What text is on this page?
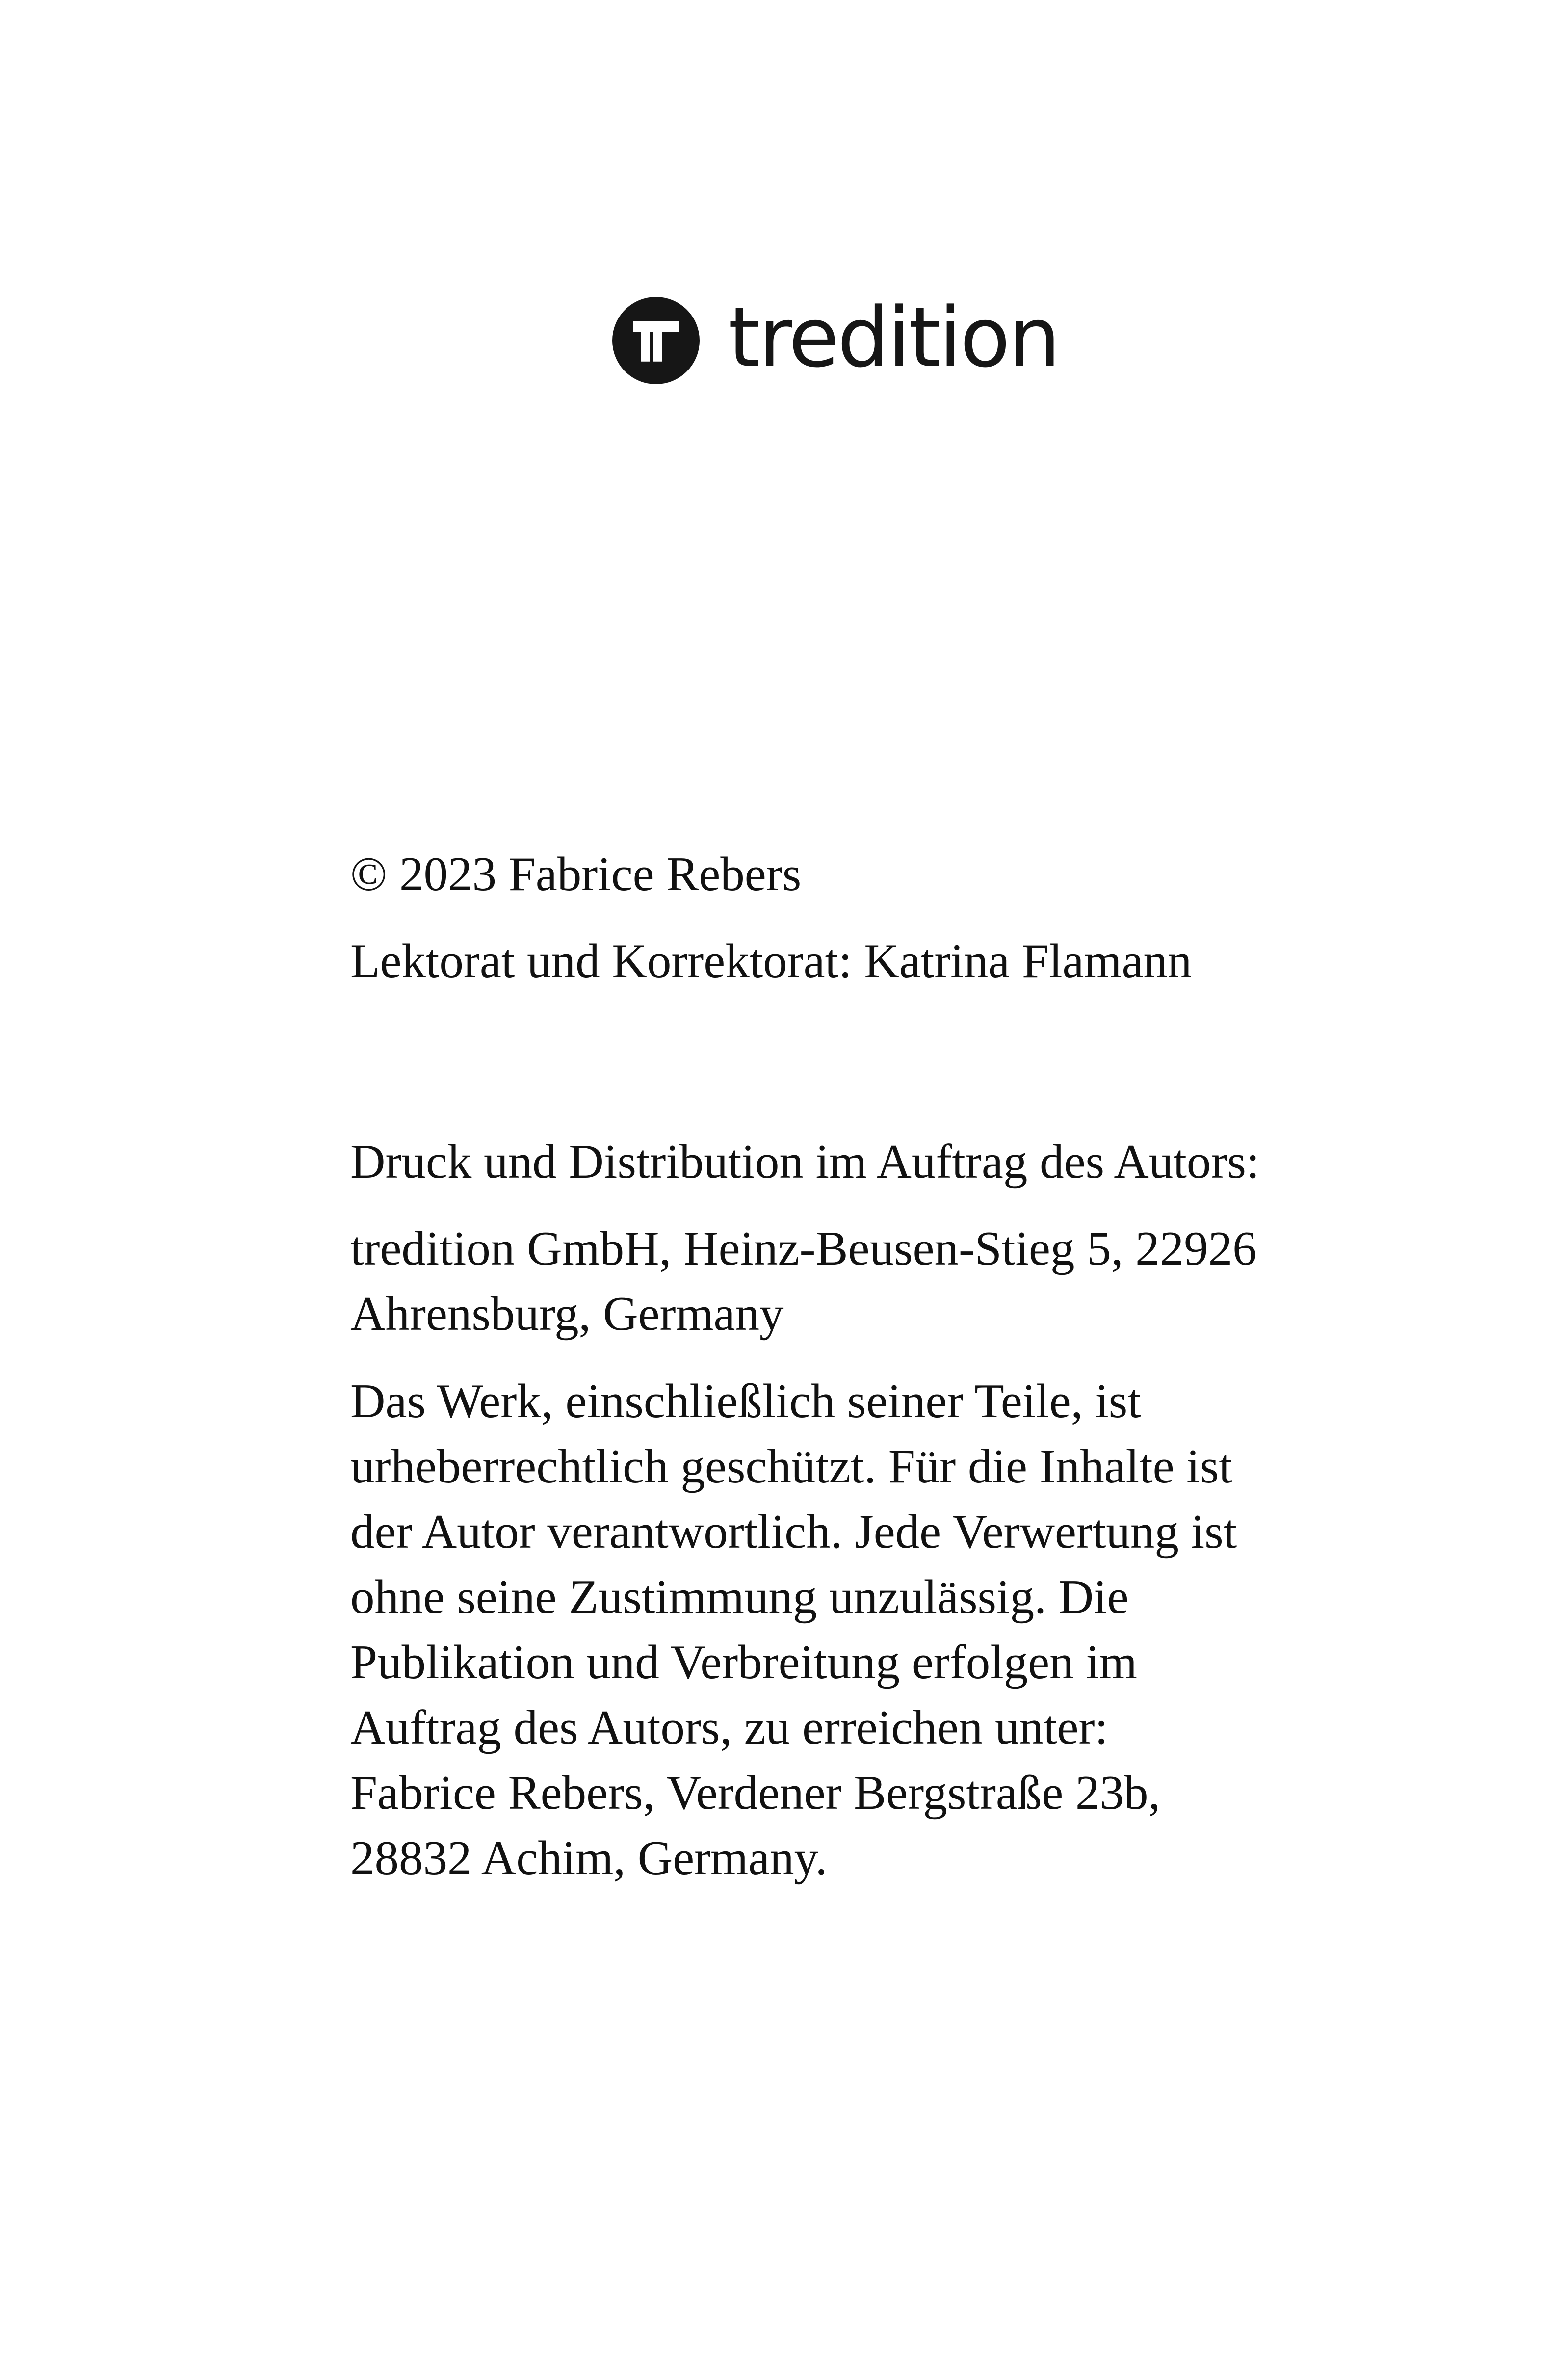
tredition

© 2023 Fabrice Rebers

Lektorat und Korrektorat: Katrina Flamann

Druck und Distribution im Auftrag des Autors:

tredition GmbH, Heinz-Beusen-Stieg 5, 22926
Ahrensburg, Germany

Das Werk, einschließlich seiner Teile, ist
urheberrechtlich geschützt. Für die Inhalte ist
der Autor verantwortlich. Jede Verwertung ist
ohne seine Zustimmung unzulässig. Die
Publikation und Verbreitung erfolgen im
Auftrag des Autors, zu erreichen unter:
Fabrice Rebers, Verdener Bergstraße 23b,
28832 Achim, Germany.
